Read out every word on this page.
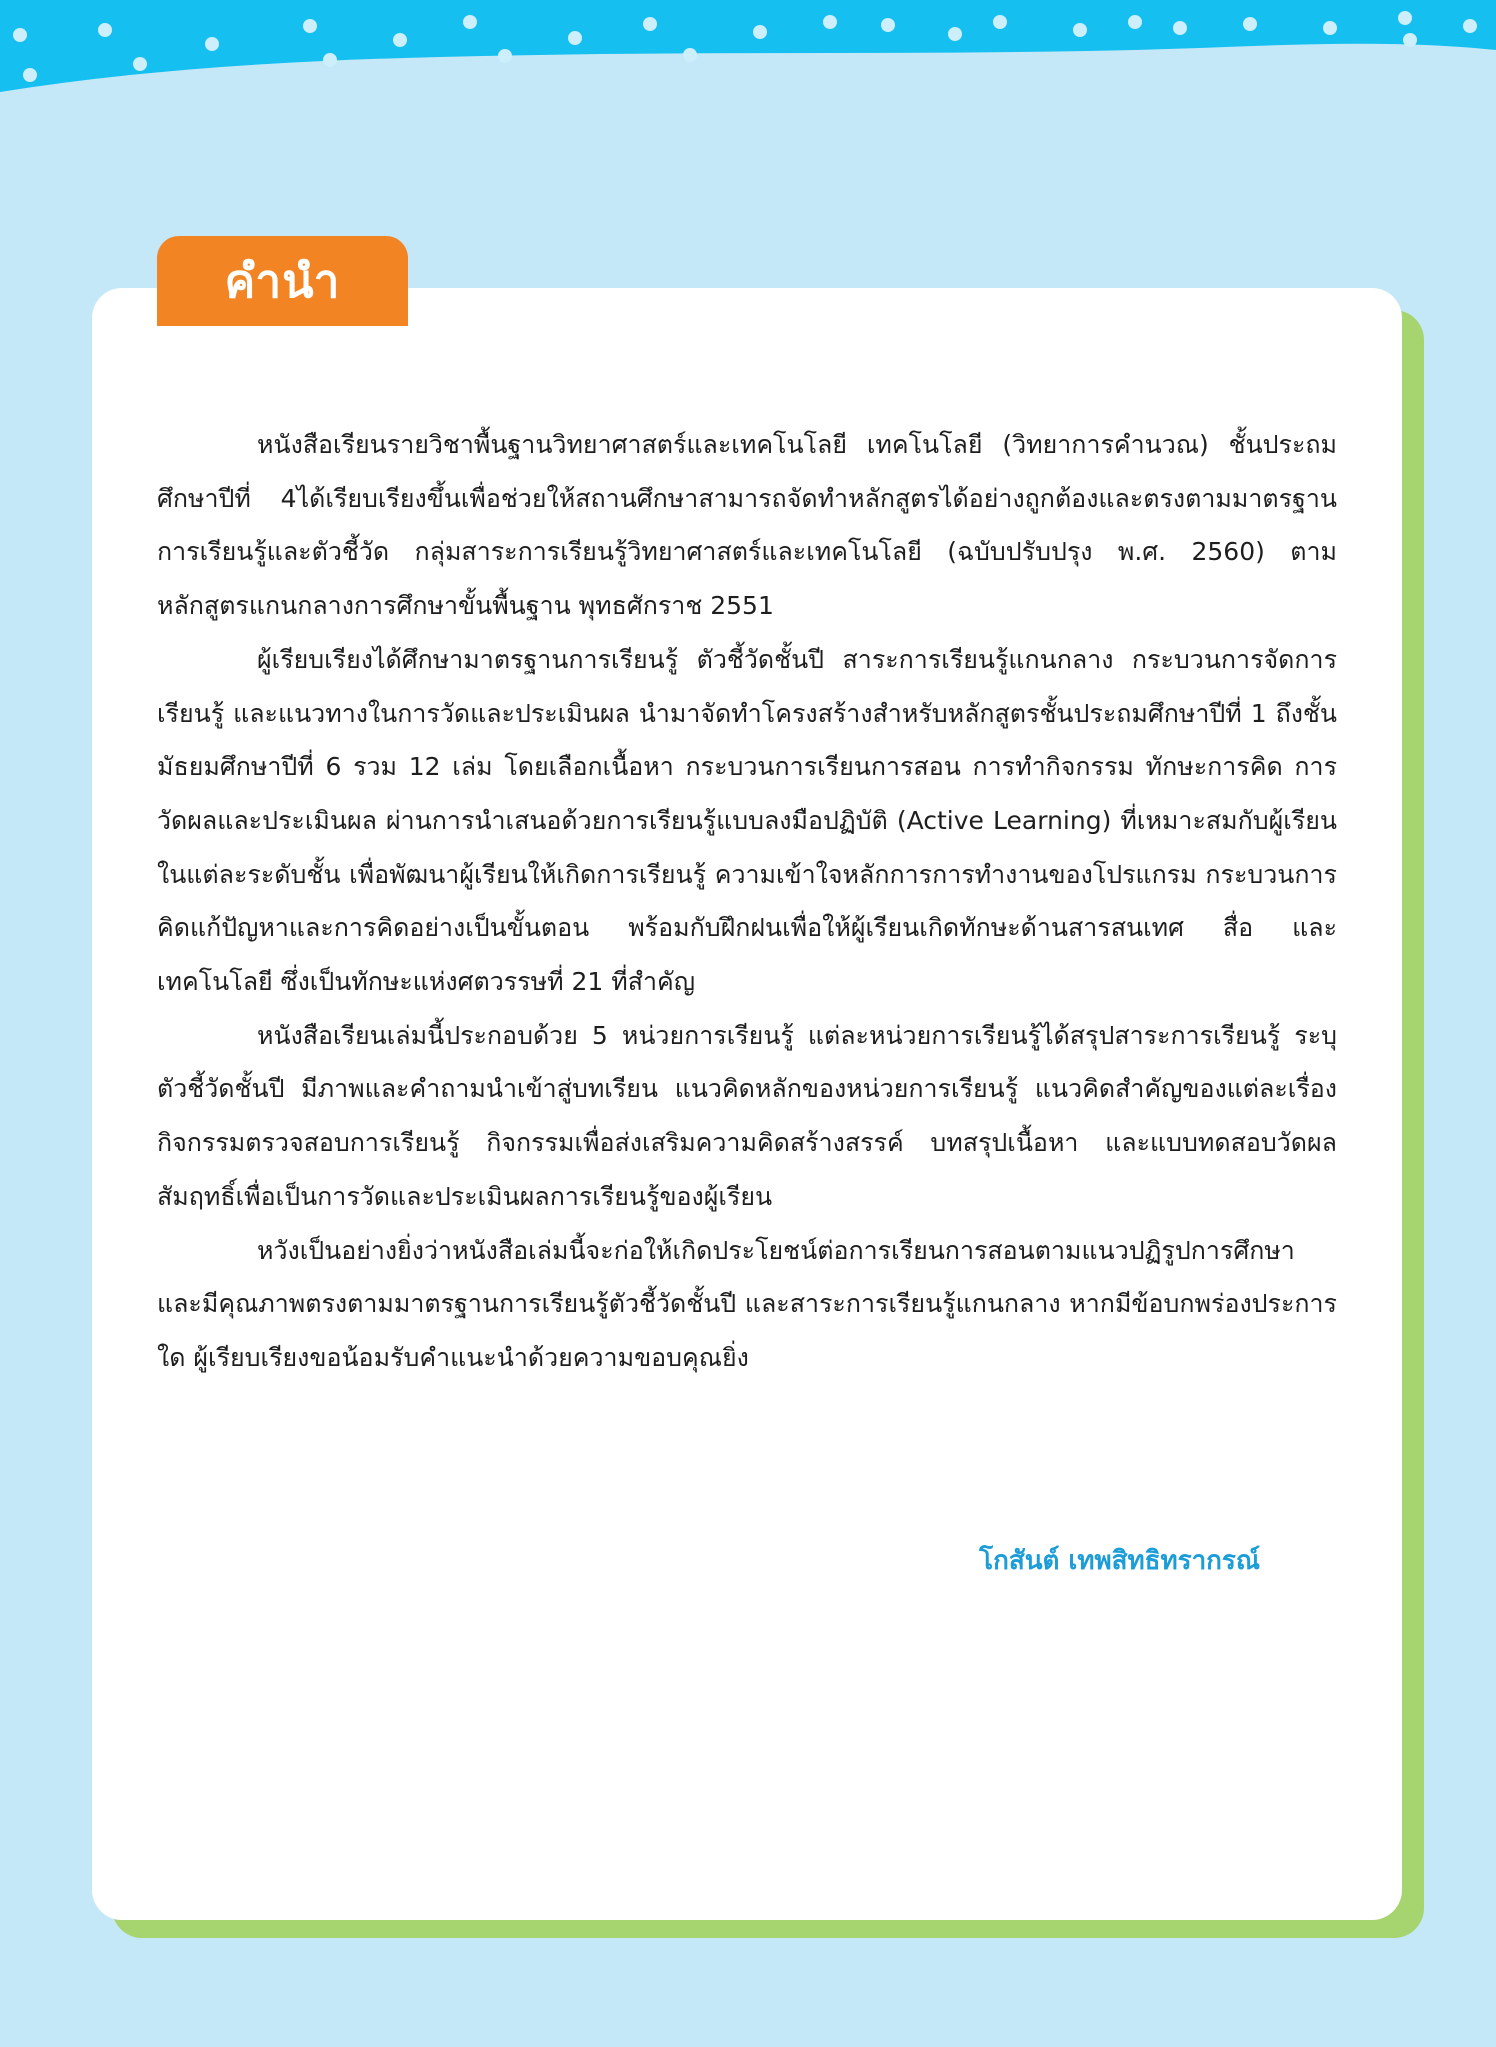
คำนำ

หนังสือเรียนรายวิชาพื้นฐานวิทยาศาสตร์และเทคโนโลยี เทคโนโลยี (วิทยาการคำนวณ) ชั้นประถมศึกษาปีที่ 4ได้เรียบเรียงขึ้นเพื่อช่วยให้สถานศึกษาสามารถจัดทำหลักสูตรได้อย่างถูกต้องและตรงตามมาตรฐานการเรียนรู้และตัวชี้วัด กลุ่มสาระการเรียนรู้วิทยาศาสตร์และเทคโนโลยี (ฉบับปรับปรุง พ.ศ. 2560) ตามหลักสูตรแกนกลางการศึกษาขั้นพื้นฐาน พุทธศักราช 2551

ผู้เรียบเรียงได้ศึกษามาตรฐานการเรียนรู้ ตัวชี้วัดชั้นปี สาระการเรียนรู้แกนกลาง กระบวนการจัดการเรียนรู้ และแนวทางในการวัดและประเมินผล นำมาจัดทำโครงสร้างสำหรับหลักสูตรชั้นประถมศึกษาปีที่ 1 ถึงชั้นมัธยมศึกษาปีที่ 6 รวม 12 เล่ม โดยเลือกเนื้อหา กระบวนการเรียนการสอน การทำกิจกรรม ทักษะการคิด การวัดผลและประเมินผล ผ่านการนำเสนอด้วยการเรียนรู้แบบลงมือปฏิบัติ (Active Learning) ที่เหมาะสมกับผู้เรียนในแต่ละระดับชั้น เพื่อพัฒนาผู้เรียนให้เกิดการเรียนรู้ ความเข้าใจหลักการการทำงานของโปรแกรม กระบวนการคิดแก้ปัญหาและการคิดอย่างเป็นขั้นตอน พร้อมกับฝึกฝนเพื่อให้ผู้เรียนเกิดทักษะด้านสารสนเทศ สื่อ และเทคโนโลยี ซึ่งเป็นทักษะแห่งศตวรรษที่ 21 ที่สำคัญ

หนังสือเรียนเล่มนี้ประกอบด้วย 5 หน่วยการเรียนรู้ แต่ละหน่วยการเรียนรู้ได้สรุปสาระการเรียนรู้ ระบุตัวชี้วัดชั้นปี มีภาพและคำถามนำเข้าสู่บทเรียน แนวคิดหลักของหน่วยการเรียนรู้ แนวคิดสำคัญของแต่ละเรื่อง กิจกรรมตรวจสอบการเรียนรู้ กิจกรรมเพื่อส่งเสริมความคิดสร้างสรรค์ บทสรุปเนื้อหา และแบบทดสอบวัดผลสัมฤทธิ์เพื่อเป็นการวัดและประเมินผลการเรียนรู้ของผู้เรียน

หวังเป็นอย่างยิ่งว่าหนังสือเล่มนี้จะก่อให้เกิดประโยชน์ต่อการเรียนการสอนตามแนวปฏิรูปการศึกษา และมีคุณภาพตรงตามมาตรฐานการเรียนรู้ตัวชี้วัดชั้นปี และสาระการเรียนรู้แกนกลาง หากมีข้อบกพร่องประการใด ผู้เรียบเรียงขอน้อมรับคำแนะนำด้วยความขอบคุณยิ่ง

โกสันต์ เทพสิทธิทรากรณ์
